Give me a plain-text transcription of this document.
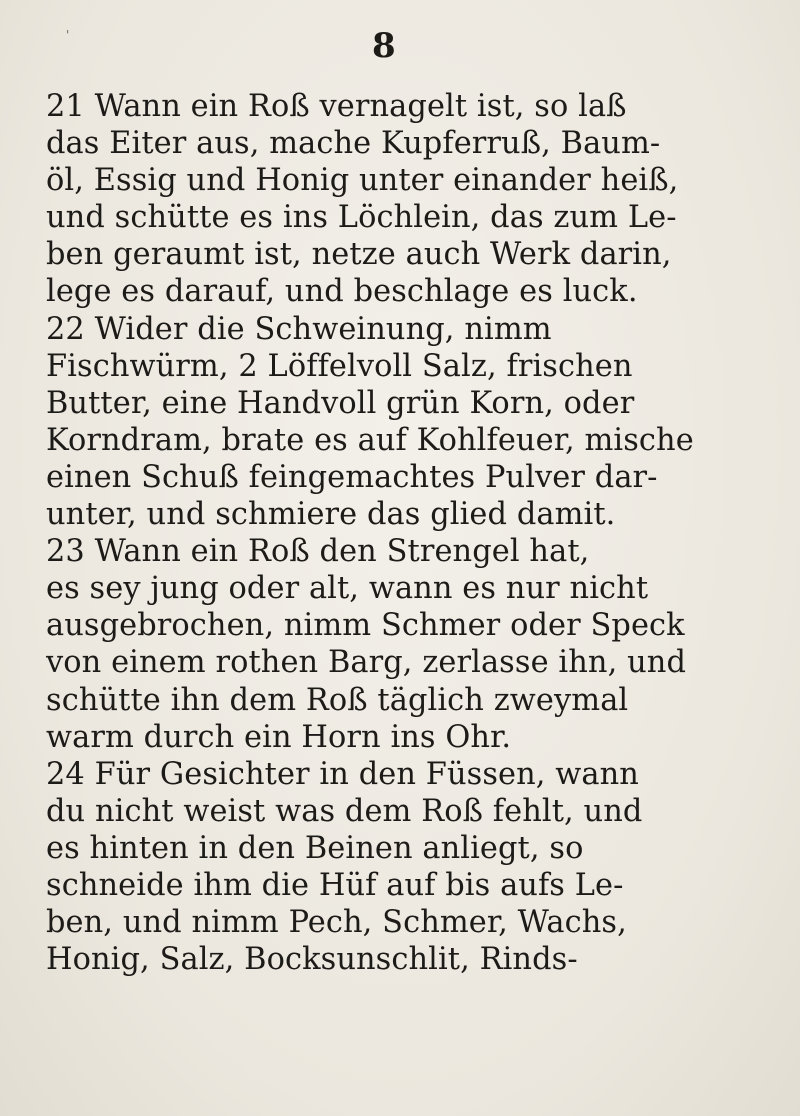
'	8
21 Wann ein Roß vernagelt ist, so laß
das Eiter aus, mache Kupferruß, Baum-
öl, Essig und Honig unter einander heiß,
und schütte es ins Löchlein, das zum Le-
ben geraumt ist, netze auch Werk darin,
lege es darauf, und beschlage es luck.
22 Wider die Schweinung, nimm
Fischwürm, 2 Löffelvoll Salz, frischen
Butter, eine Handvoll grün Korn, oder
Korndram, brate es auf Kohlfeuer, mische
einen Schuß feingemachtes Pulver dar-
unter, und schmiere das glied damit.
23 Wann ein Roß den Strengel hat,
es sey jung oder alt, wann es nur nicht
ausgebrochen, nimm Schmer oder Speck
von einem rothen Barg, zerlasse ihn, und
schütte ihn dem Roß täglich zweymal
warm durch ein Horn ins Ohr.
24 Für Gesichter in den Füssen, wann
du nicht weist was dem Roß fehlt, und
es hinten in den Beinen anliegt, so
schneide ihm die Hüf auf bis aufs Le-
ben, und nimm Pech, Schmer, Wachs,
Honig, Salz, Bocksunschlit, Rinds-
